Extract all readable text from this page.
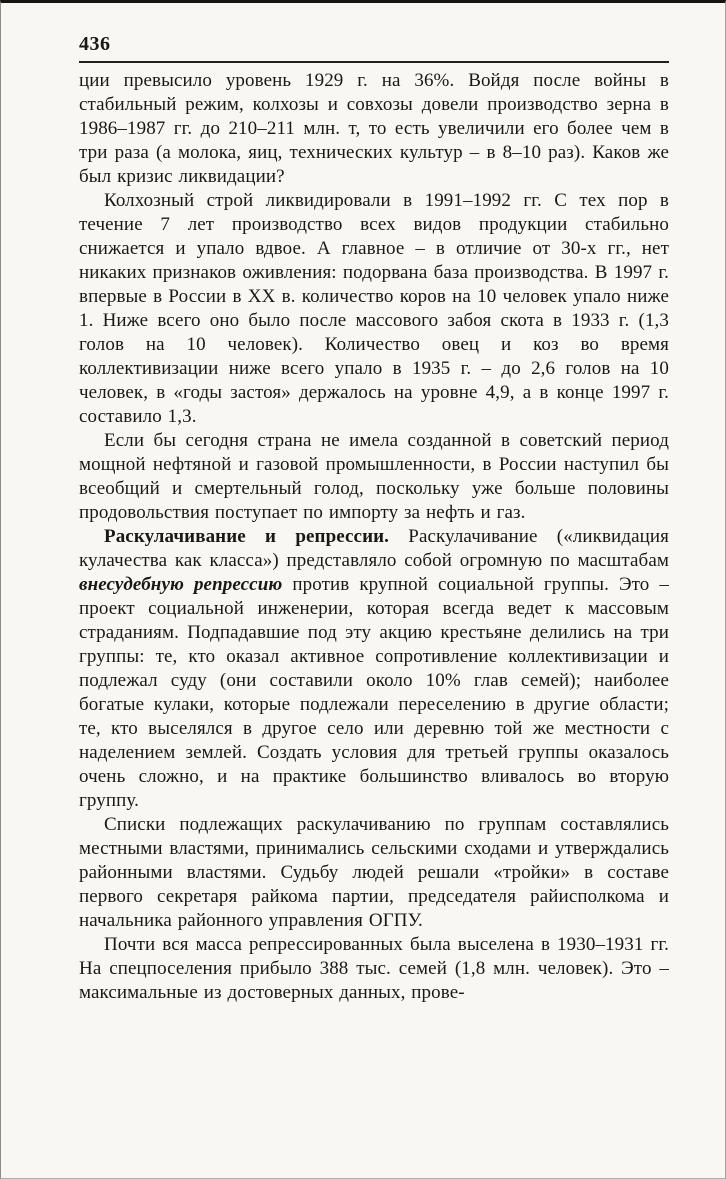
436

ции превысило уровень 1929 г. на 36%. Войдя после войны в стабильный режим, колхозы и совхозы довели производство зерна в 1986–1987 гг. до 210–211 млн. т, то есть увеличили его более чем в три раза (а молока, яиц, технических культур – в 8–10 раз). Каков же был кризис ликвидации?

Колхозный строй ликвидировали в 1991–1992 гг. С тех пор в течение 7 лет производство всех видов продукции стабильно снижается и упало вдвое. А главное – в отличие от 30-х гг., нет никаких признаков оживления: подорвана база производства. В 1997 г. впервые в России в XX в. количество коров на 10 человек упало ниже 1. Ниже всего оно было после массового забоя скота в 1933 г. (1,3 голов на 10 человек). Количество овец и коз во время коллективизации ниже всего упало в 1935 г. – до 2,6 голов на 10 человек, в «годы застоя» держалось на уровне 4,9, а в конце 1997 г. составило 1,3.

Если бы сегодня страна не имела созданной в советский период мощной нефтяной и газовой промышленности, в России наступил бы всеобщий и смертельный голод, поскольку уже больше половины продовольствия поступает по импорту за нефть и газ.

Раскулачивание и репрессии. Раскулачивание («ликвидация кулачества как класса») представляло собой огромную по масштабам внесудебную репрессию против крупной социальной группы. Это – проект социальной инженерии, которая всегда ведет к массовым страданиям. Подпадавшие под эту акцию крестьяне делились на три группы: те, кто оказал активное сопротивление коллективизации и подлежал суду (они составили около 10% глав семей); наиболее богатые кулаки, которые подлежали переселению в другие области; те, кто выселялся в другое село или деревню той же местности с наделением землей. Создать условия для третьей группы оказалось очень сложно, и на практике большинство вливалось во вторую группу.

Списки подлежащих раскулачиванию по группам составлялись местными властями, принимались сельскими сходами и утверждались районными властями. Судьбу людей решали «тройки» в составе первого секретаря райкома партии, председателя райисполкома и начальника районного управления ОГПУ.

Почти вся масса репрессированных была выселена в 1930–1931 гг. На спецпоселения прибыло 388 тыс. семей (1,8 млн. человек). Это – максимальные из достоверных данных, прове-
